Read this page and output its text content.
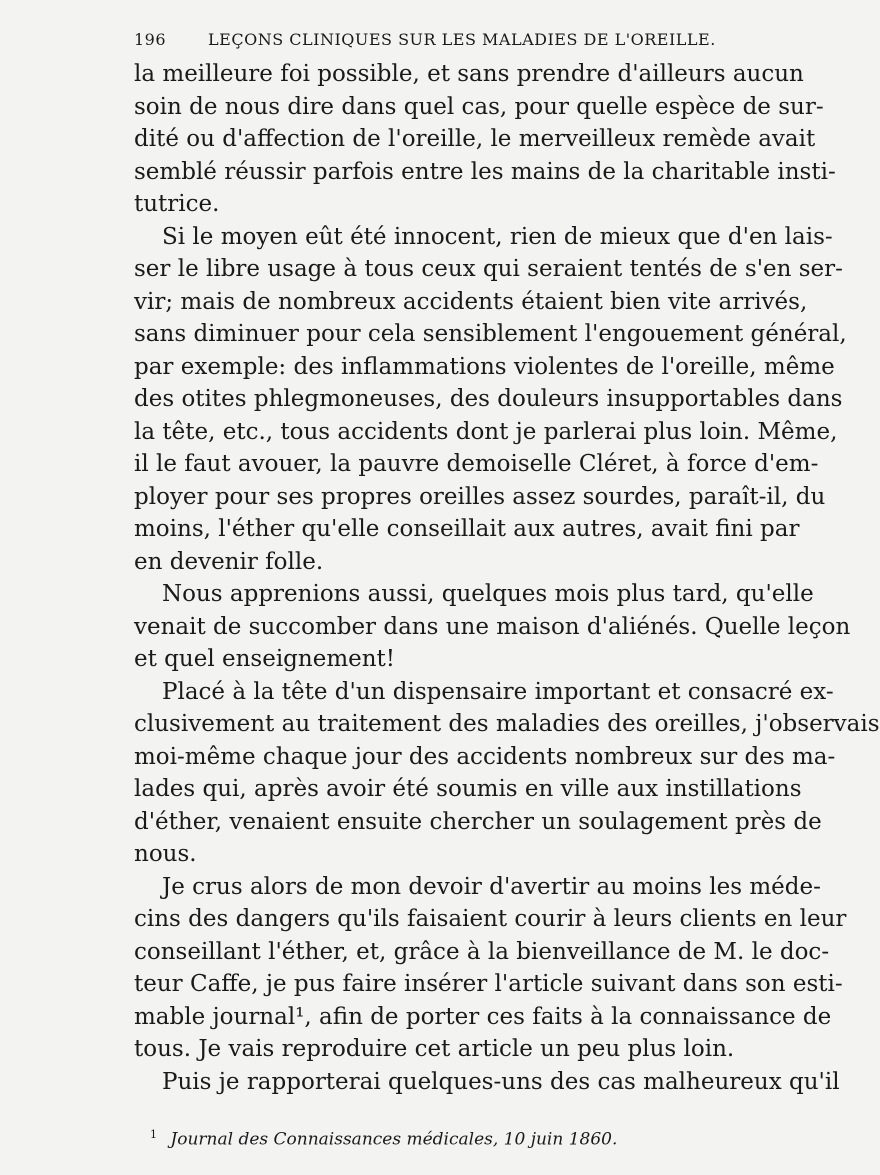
196	LEÇONS CLINIQUES SUR LES MALADIES DE L'OREILLE.
la meilleure foi possible, et sans prendre d'ailleurs aucun
soin de nous dire dans quel cas, pour quelle espèce de sur-
dité ou d'affection de l'oreille, le merveilleux remède avait
semblé réussir parfois entre les mains de la charitable insti-
tutrice.
Si le moyen eût été innocent, rien de mieux que d'en lais-
ser le libre usage à tous ceux qui seraient tentés de s'en ser-
vir; mais de nombreux accidents étaient bien vite arrivés,
sans diminuer pour cela sensiblement l'engouement général,
par exemple: des inflammations violentes de l'oreille, même
des otites phlegmoneuses, des douleurs insupportables dans
la tête, etc., tous accidents dont je parlerai plus loin. Même,
il le faut avouer, la pauvre demoiselle Cléret, à force d'em-
ployer pour ses propres oreilles assez sourdes, paraît-il, du
moins, l'éther qu'elle conseillait aux autres, avait fini par
en devenir folle.
Nous apprenions aussi, quelques mois plus tard, qu'elle
venait de succomber dans une maison d'aliénés. Quelle leçon
et quel enseignement!
Placé à la tête d'un dispensaire important et consacré ex-
clusivement au traitement des maladies des oreilles, j'observais
moi-même chaque jour des accidents nombreux sur des ma-
lades qui, après avoir été soumis en ville aux instillations
d'éther, venaient ensuite chercher un soulagement près de
nous.
Je crus alors de mon devoir d'avertir au moins les méde-
cins des dangers qu'ils faisaient courir à leurs clients en leur
conseillant l'éther, et, grâce à la bienveillance de M. le doc-
teur Caffe, je pus faire insérer l'article suivant dans son esti-
mable journal¹, afin de porter ces faits à la connaissance de
tous. Je vais reproduire cet article un peu plus loin.
Puis je rapporterai quelques-uns des cas malheureux qu'il
$^1$ Journal des Connaissances médicales, 10 juin 1860.
